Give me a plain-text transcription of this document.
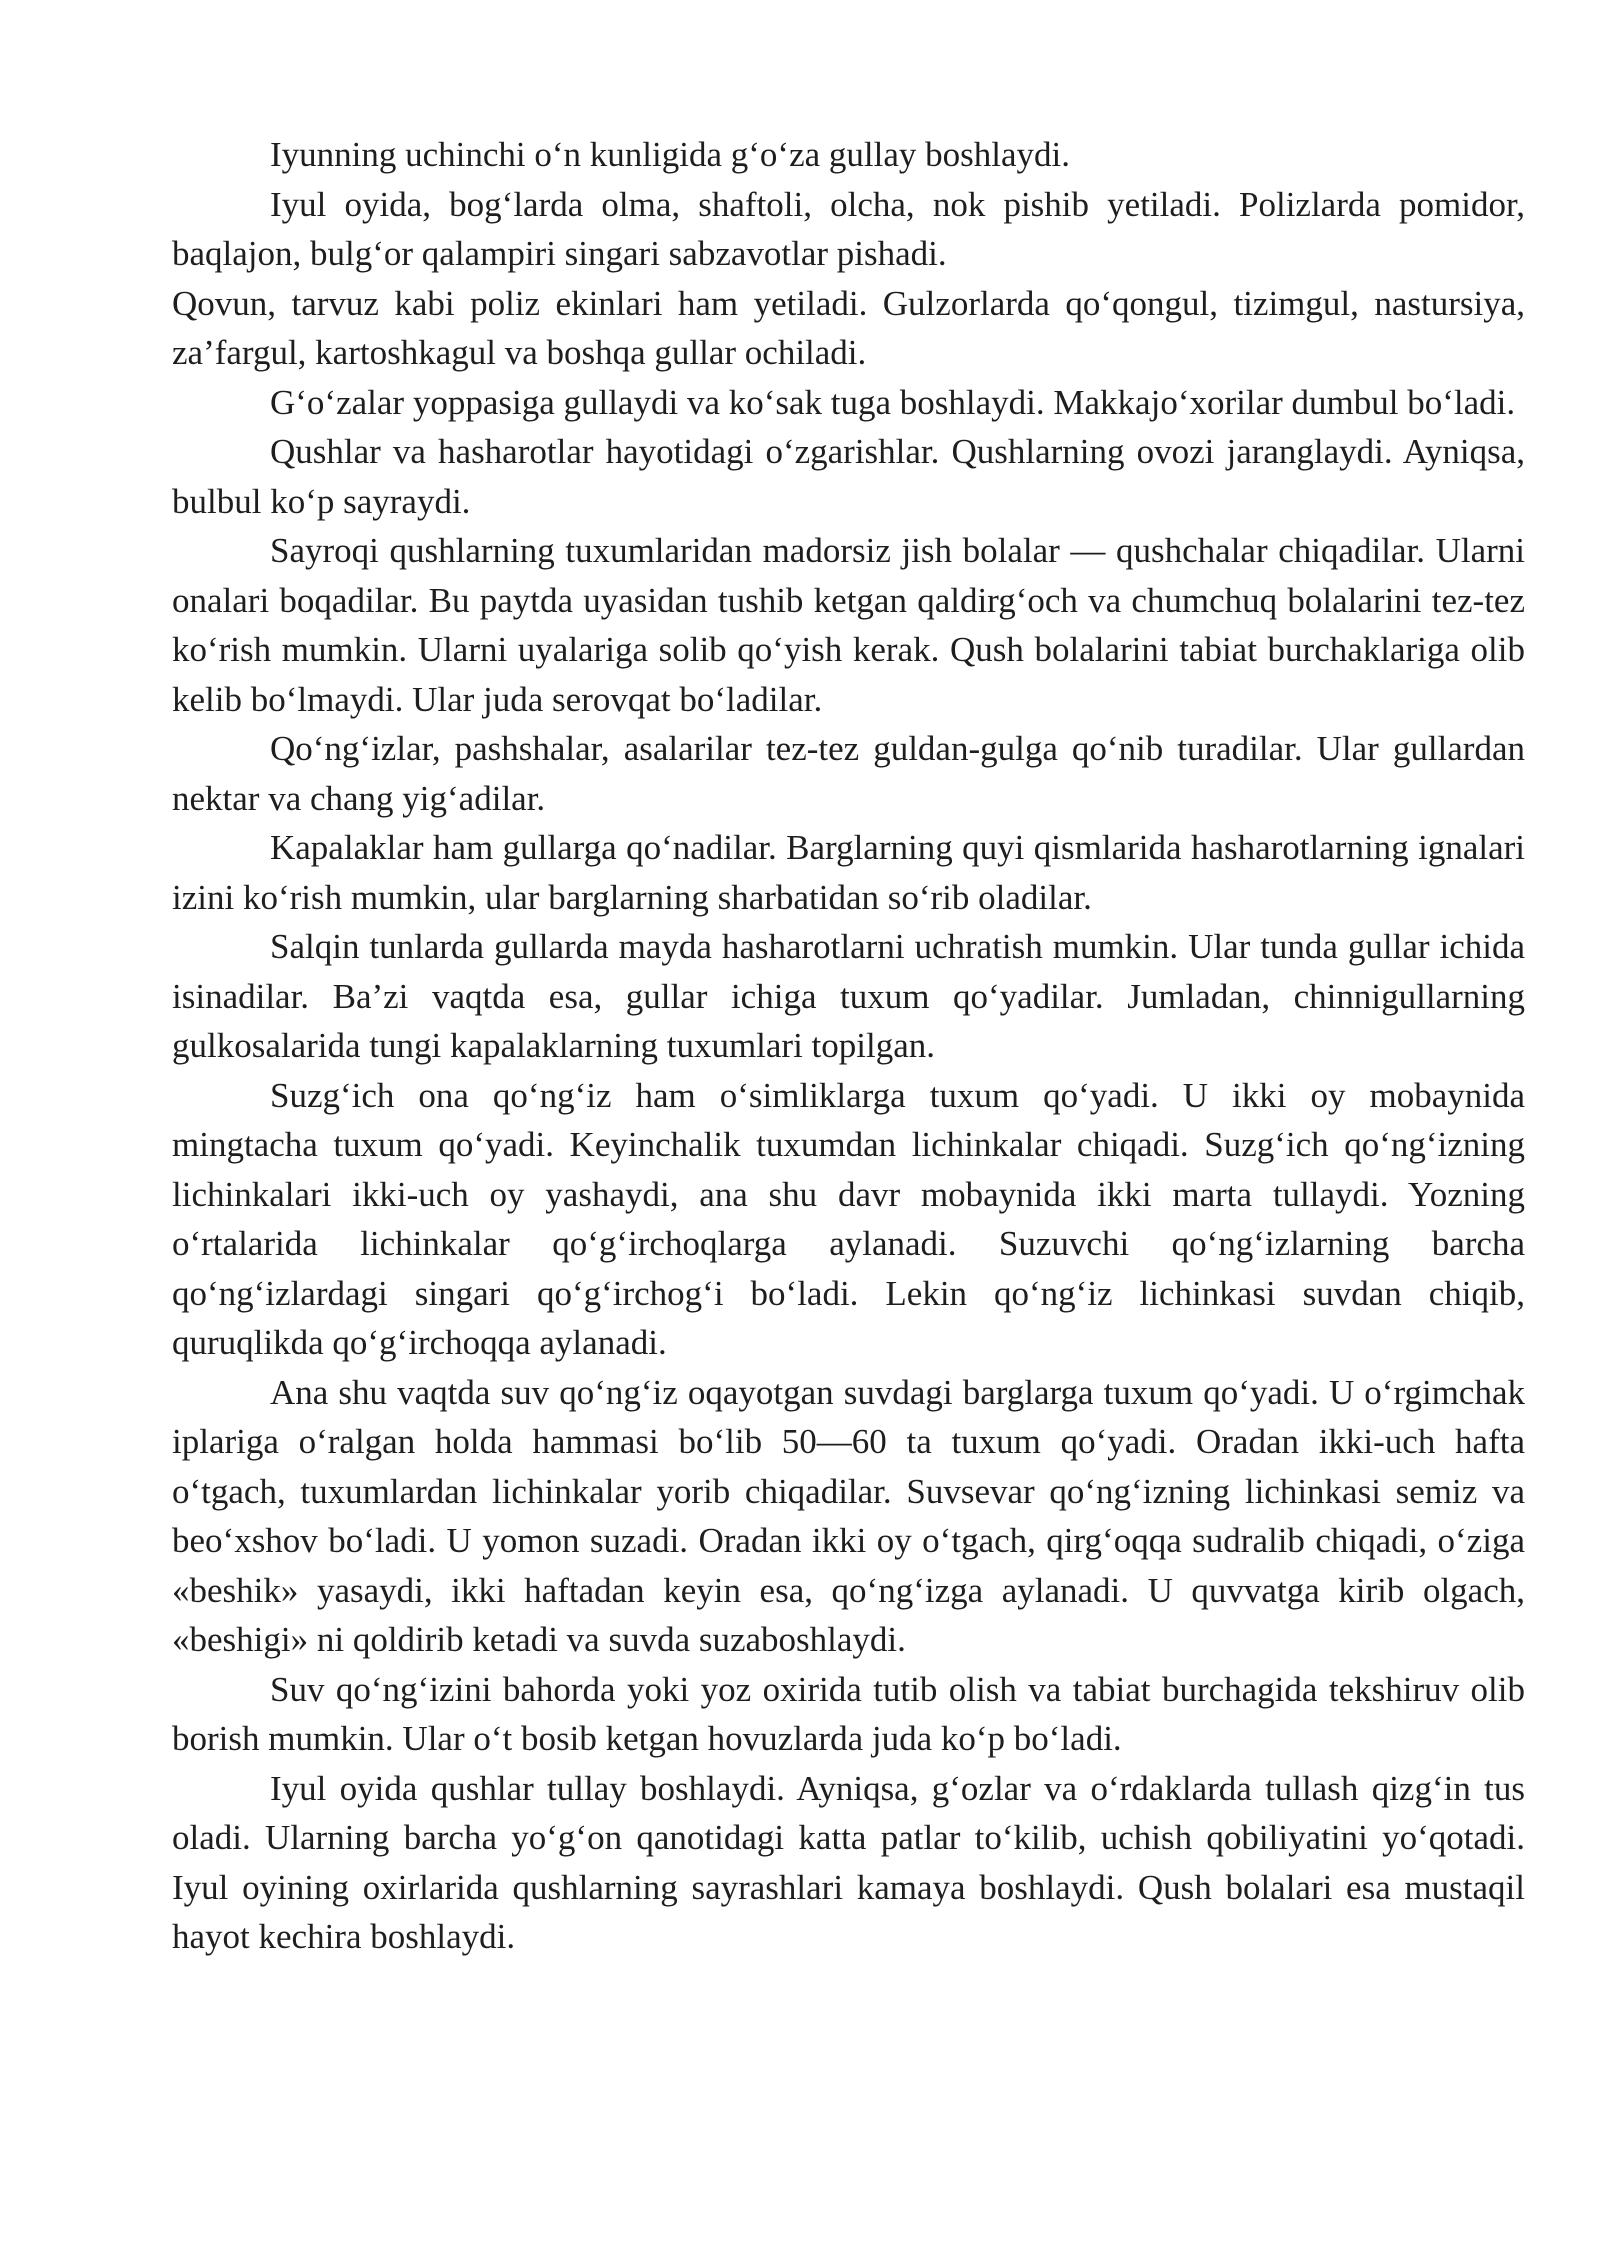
Iyunning uchinchi o‘n kunligida g‘o‘za gullay boshlaydi.

Iyul oyida, bog‘larda olma, shaftoli, olcha, nok pishib yetiladi. Polizlarda pomidor, baqlajon, bulg‘or qalampiri singari sabzavotlar pishadi.

Qovun, tarvuz kabi poliz ekinlari ham yetiladi. Gulzorlarda qo‘qongul, tizimgul, nastursiya, za’fargul, kartoshkagul va boshqa gullar ochiladi.

G‘o‘zalar yoppasiga gullaydi va ko‘sak tuga boshlaydi. Makkajo‘xorilar dumbul bo‘ladi.

Qushlar va hasharotlar hayotidagi o‘zgarishlar. Qushlarning ovozi jaranglaydi. Ayniqsa, bulbul ko‘p sayraydi.

Sayroqi qushlarning tuxumlaridan madorsiz jish bolalar — qushchalar chiqadilar. Ularni onalari boqadilar. Bu paytda uyasidan tushib ketgan qaldirg‘och va chumchuq bolalarini tez-tez ko‘rish mumkin. Ularni uyalariga solib qo‘yish kerak. Qush bolalarini tabiat burchaklariga olib kelib bo‘lmaydi. Ular juda serovqat bo‘ladilar.

Qo‘ng‘izlar, pashshalar, asalarilar tez-tez guldan-gulga qo‘nib turadilar. Ular gullardan nektar va chang yig‘adilar.

Kapalaklar ham gullarga qo‘nadilar. Barglarning quyi qismlarida hasharotlarning ignalari izini ko‘rish mumkin, ular barglarning sharbatidan so‘rib oladilar.

Salqin tunlarda gullarda mayda hasharotlarni uchratish mumkin. Ular tunda gullar ichida isinadilar. Ba’zi vaqtda esa, gullar ichiga tuxum qo‘yadilar. Jumladan, chinnigullarning gulkosalarida tungi kapalaklarning tuxumlari topilgan.

Suzg‘ich ona qo‘ng‘iz ham o‘simliklarga tuxum qo‘yadi. U ikki oy mobaynida mingtacha tuxum qo‘yadi. Keyinchalik tuxumdan lichinkalar chiqadi. Suzg‘ich qo‘ng‘izning lichinkalari ikki-uch oy yashaydi, ana shu davr mobaynida ikki marta tullaydi. Yozning o‘rtalarida lichinkalar qo‘g‘irchoqlarga aylanadi. Suzuvchi qo‘ng‘izlarning barcha qo‘ng‘izlardagi singari qo‘g‘irchog‘i bo‘ladi. Lekin qo‘ng‘iz lichinkasi suvdan chiqib, quruqlikda qo‘g‘irchoqqa aylanadi.

Ana shu vaqtda suv qo‘ng‘iz oqayotgan suvdagi barglarga tuxum qo‘yadi. U o‘rgimchak iplariga o‘ralgan holda hammasi bo‘lib 50—60 ta tuxum qo‘yadi. Oradan ikki-uch hafta o‘tgach, tuxumlardan lichinkalar yorib chiqadilar. Suvsevar qo‘ng‘izning lichinkasi semiz va beo‘xshov bo‘ladi. U yomon suzadi. Oradan ikki oy o‘tgach, qirg‘oqqa sudralib chiqadi, o‘ziga «beshik» yasaydi, ikki haftadan keyin esa, qo‘ng‘izga aylanadi. U quvvatga kirib olgach, «beshigi» ni qoldirib ketadi va suvda suzaboshlaydi.

Suv qo‘ng‘izini bahorda yoki yoz oxirida tutib olish va tabiat burchagida tekshiruv olib borish mumkin. Ular o‘t bosib ketgan hovuzlarda juda ko‘p bo‘ladi.

Iyul oyida qushlar tullay boshlaydi. Ayniqsa, g‘ozlar va o‘rdaklarda tullash qizg‘in tus oladi. Ularning barcha yo‘g‘on qanotidagi katta patlar to‘kilib, uchish qobiliyatini yo‘qotadi. Iyul oyining oxirlarida qushlarning sayrashlari kamaya boshlaydi. Qush bolalari esa mustaqil hayot kechira boshlaydi.
